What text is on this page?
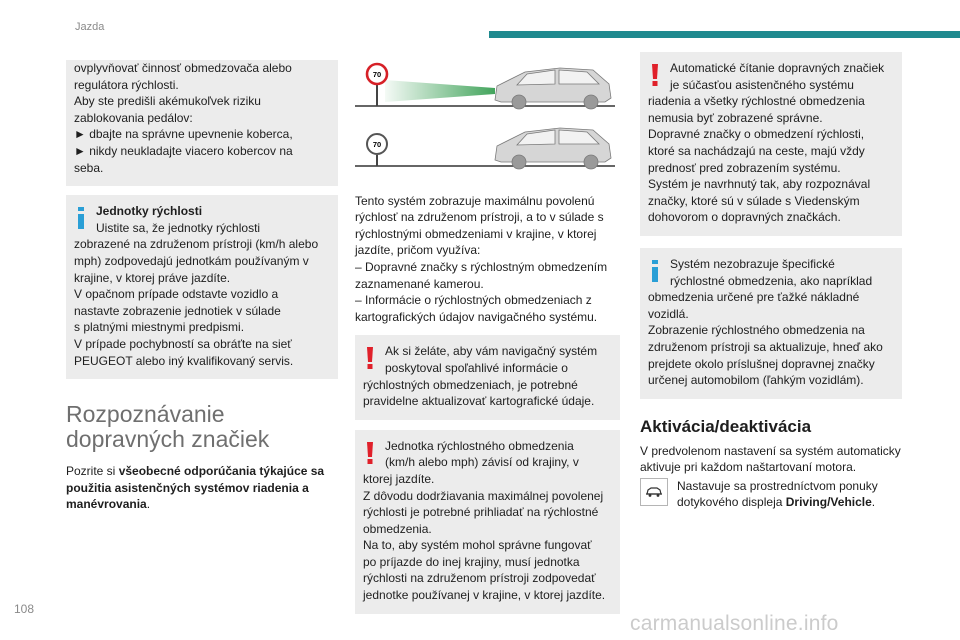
Jazda
ovplyvňovať činnosť obmedzovača alebo
regulátora rýchlosti.
Aby ste predišli akémukoľvek riziku
zablokovania pedálov:
► dbajte na správne upevnenie koberca,
► nikdy neukladajte viacero kobercov na
seba.
Jednotky rýchlosti
Uistite sa, že jednotky rýchlosti
zobrazené na združenom prístroji (km/h alebo
mph) zodpovedajú jednotkám používaným v
krajine, v ktorej práve jazdíte.
V opačnom prípade odstavte vozidlo a
nastavte zobrazenie jednotiek v súlade
s platnými miestnymi predpismi.
V prípade pochybností sa obráťte na sieť
PEUGEOT alebo iný kvalifikovaný servis.
Rozpoznávanie
dopravných značiek
Pozrite si všeobecné odporúčania týkajúce sa
použitia asistenčných systémov riadenia a
manévrovania.
70
70
Tento systém zobrazuje maximálnu povolenú
rýchlosť na združenom prístroji, a to v súlade s
rýchlostnými obmedzeniami v krajine, v ktorej
jazdíte, pričom využíva:
– Dopravné značky s rýchlostným obmedzením
zaznamenané kamerou.
– Informácie o rýchlostných obmedzeniach z
kartografických údajov navigačného systému.
Ak si želáte, aby vám navigačný systém
poskytoval spoľahlivé informácie o
rýchlostných obmedzeniach, je potrebné
pravidelne aktualizovať kartografické údaje.
Jednotka rýchlostného obmedzenia
(km/h alebo mph) závisí od krajiny, v
ktorej jazdíte.
Z dôvodu dodržiavania maximálnej povolenej
rýchlosti je potrebné prihliadať na rýchlostné
obmedzenia.
Na to, aby systém mohol správne fungovať
po príjazde do inej krajiny, musí jednotka
rýchlosti na združenom prístroji zodpovedať
jednotke používanej v krajine, v ktorej jazdíte.
Automatické čítanie dopravných značiek
je súčasťou asistenčného systému
riadenia a všetky rýchlostné obmedzenia
nemusia byť zobrazené správne.
Dopravné značky o obmedzení rýchlosti,
ktoré sa nachádzajú na ceste, majú vždy
prednosť pred zobrazením systému.
Systém je navrhnutý tak, aby rozpoznával
značky, ktoré sú v súlade s Viedenským
dohovorom o dopravných značkách.
Systém nezobrazuje špecifické
rýchlostné obmedzenia, ako napríklad
obmedzenia určené pre ťažké nákladné
vozidlá.
Zobrazenie rýchlostného obmedzenia na
združenom prístroji sa aktualizuje, hneď ako
prejdete okolo príslušnej dopravnej značky
určenej automobilom (ľahkým vozidlám).
Aktivácia/deaktivácia
V predvolenom nastavení sa systém automaticky
aktivuje pri každom naštartovaní motora.
Nastavuje sa prostredníctvom ponuky
dotykového displeja Driving/Vehicle.
108
carmanualsonline.info
